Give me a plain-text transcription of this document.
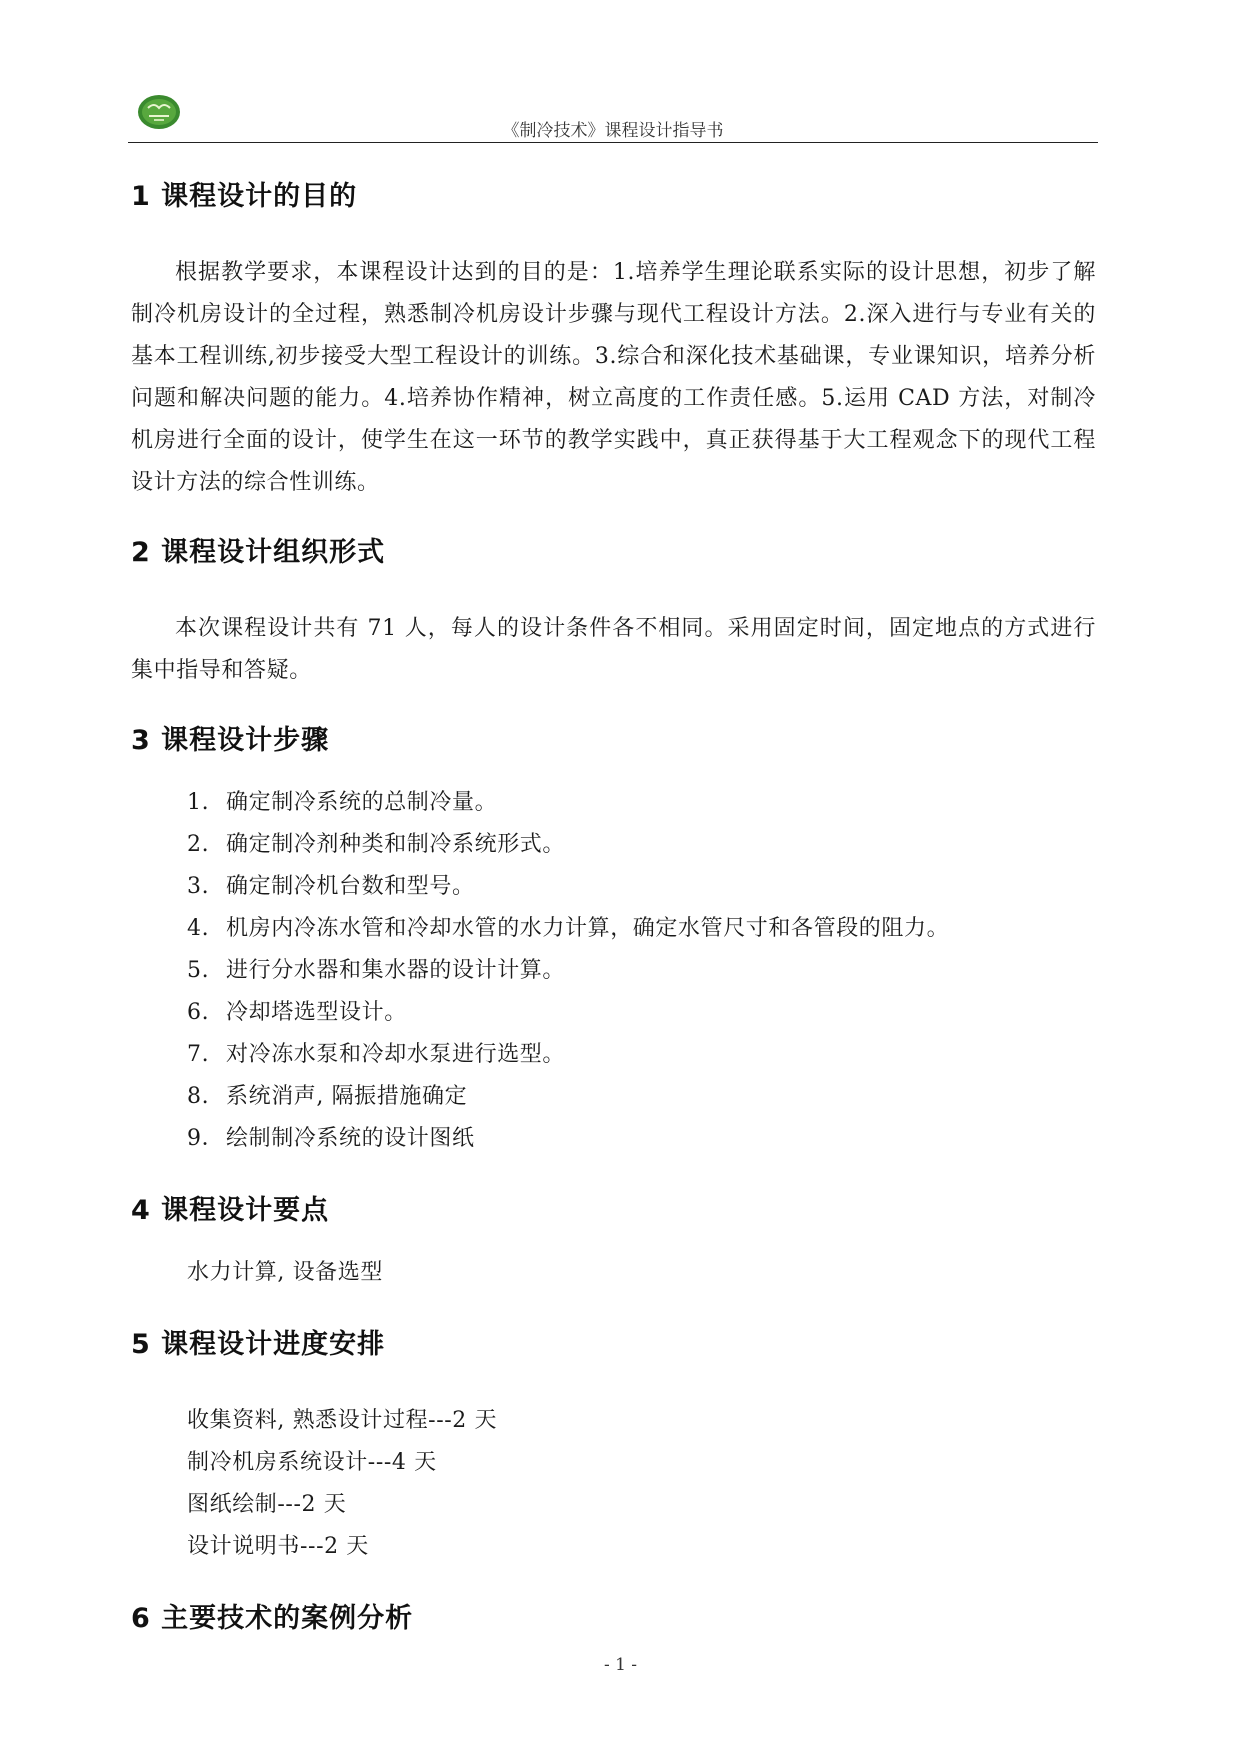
《制冷技术》课程设计指导书
1 课程设计的目的

根据教学要求，本课程设计达到的目的是：1.培养学生理论联系实际的设计思想，初步了解制冷机房设计的全过程，熟悉制冷机房设计步骤与现代工程设计方法。2.深入进行与专业有关的基本工程训练,初步接受大型工程设计的训练。3.综合和深化技术基础课，专业课知识，培养分析问题和解决问题的能力。4.培养协作精神，树立高度的工作责任感。5.运用 CAD 方法，对制冷机房进行全面的设计，使学生在这一环节的教学实践中，真正获得基于大工程观念下的现代工程设计方法的综合性训练。

2 课程设计组织形式

本次课程设计共有 71 人，每人的设计条件各不相同。采用固定时间，固定地点的方式进行集中指导和答疑。

3 课程设计步骤
1. 确定制冷系统的总制冷量。
2. 确定制冷剂种类和制冷系统形式。
3. 确定制冷机台数和型号。
4. 机房内冷冻水管和冷却水管的水力计算，确定水管尺寸和各管段的阻力。
5. 进行分水器和集水器的设计计算。
6. 冷却塔选型设计。
7. 对冷冻水泵和冷却水泵进行选型。
8. 系统消声, 隔振措施确定
9．绘制制冷系统的设计图纸
4 课程设计要点
水力计算, 设备选型
5 课程设计进度安排
收集资料, 熟悉设计过程---2 天
制冷机房系统设计---4 天
图纸绘制---2 天
设计说明书---2 天
6 主要技术的案例分析
- 1 -
